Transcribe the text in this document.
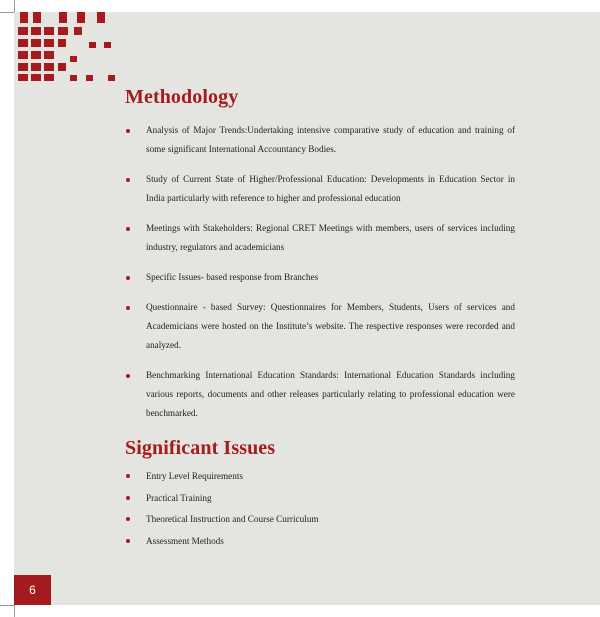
Methodology
Analysis of Major Trends:Undertaking intensive comparative study of education and training of some significant International Accountancy Bodies.
Study of Current State of Higher/Professional Education: Developments in Education Sector in India particularly with reference to higher and professional education
Meetings with Stakeholders: Regional CRET Meetings with members, users of services including industry, regulators and academicians
Specific Issues- based response from Branches
Questionnaire - based Survey: Questionnaires for Members, Students, Users of services and Academicians were hosted on the Institute’s website. The respective responses were recorded and analyzed.
Benchmarking International Education Standards: International Education Standards including various reports, documents and other releases particularly relating to professional education were benchmarked.
Significant Issues
Entry Level Requirements
Practical Training
Theoretical Instruction and Course Curriculum
Assessment Methods
6
